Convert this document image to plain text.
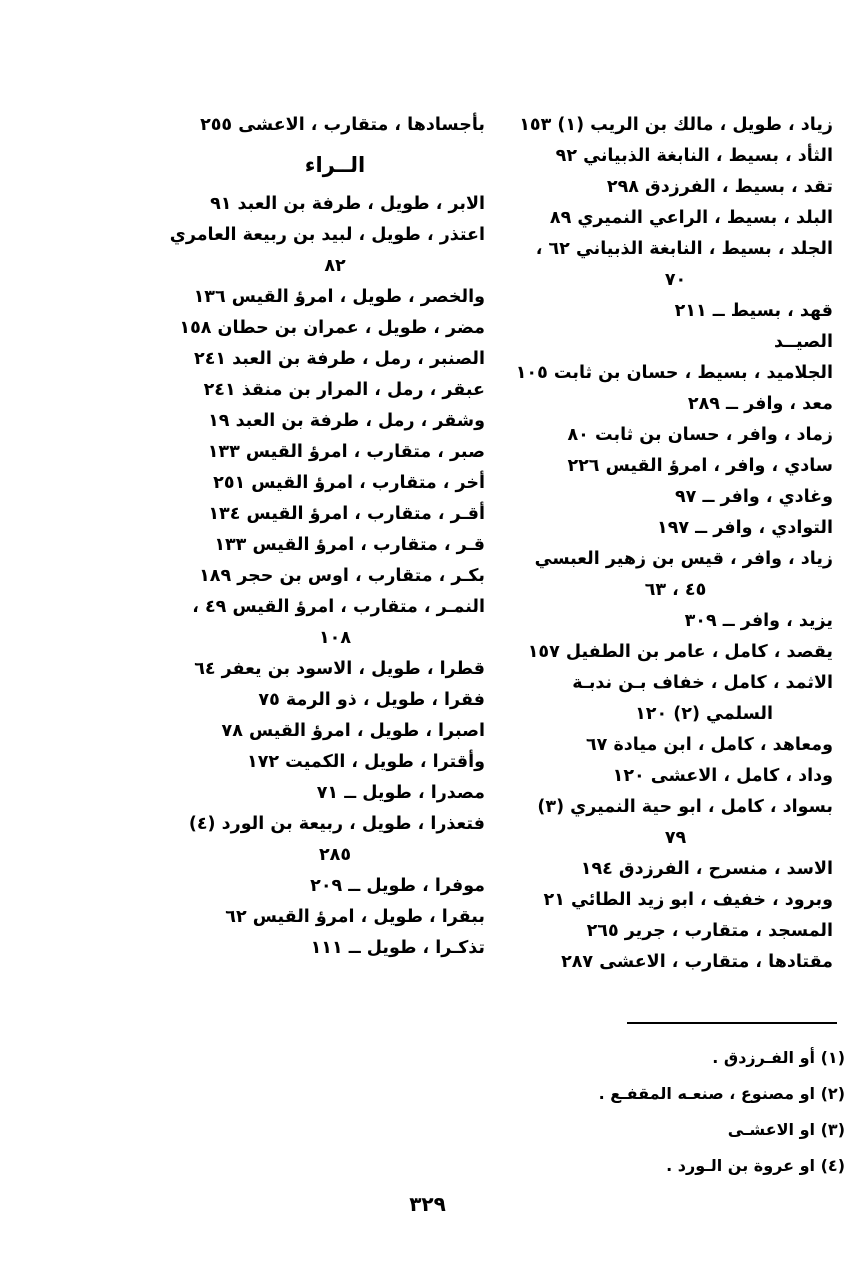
زياد ، طويل ، مالك بن الريب (١) ١٥٣
الثأد ، بسيط ، النابغة الذبياني ٩٢
تقد ، بسيط ، الفرزدق ٢٩٨
البلد ، بسيط ، الراعي النميري ٨٩
الجلد ، بسيط ، النابغة الذبياني ٦٢ ،
٧٠
قهد ، بسيط ــ ٢١١
الصيــد
الجلاميد ، بسيط ، حسان بن ثابت ١٠٥
معد ، وافر ــ ٢٨٩
زماد ، وافر ، حسان بن ثابت ٨٠
سادي ، وافر ، امرؤ القيس ٢٢٦
وغادي ، وافر ــ ٩٧
التوادي ، وافر ــ ١٩٧
زياد ، وافر ، قيس بن زهير العبسي
٤٥ ، ٦٣
يزيد ، وافر ــ ٣٠٩
يقصد ، كامل ، عامر بن الطفيل ١٥٧
الاثمد ، كامل ، خفاف بـن ندبـة
السلمي (٢) ١٢٠
ومعاهد ، كامل ، ابن ميادة ٦٧
وداد ، كامل ، الاعشى ١٢٠
بسواد ، كامل ، ابو حية النميري (٣)
٧٩
الاسد ، منسرح ، الفرزدق ١٩٤
وبرود ، خفيف ، ابو زيد الطائي ٢١
المسجد ، متقارب ، جرير ٢٦٥
مقتادها ، متقارب ، الاعشى ٢٨٧
بأجسادها ، متقارب ، الاعشى ٢٥٥
الــراء
الابر ، طويل ، طرفة بن العبد ٩١
اعتذر ، طويل ، لبيد بن ربيعة العامري
٨٢
والخصر ، طويل ، امرؤ القيس ١٣٦
مضر ، طويل ، عمران بن حطان ١٥٨
الصنبر ، رمل ، طرفة بن العبد ٢٤١
عبقر ، رمل ، المرار بن منقذ ٢٤١
وشقر ، رمل ، طرفة بن العبد ١٩
صبر ، متقارب ، امرؤ القيس ١٣٣
أخر ، متقارب ، امرؤ القيس ٢٥١
أقـر ، متقارب ، امرؤ القيس ١٣٤
قـر ، متقارب ، امرؤ القيس ١٣٣
بكـر ، متقارب ، اوس بن حجر ١٨٩
النمـر ، متقارب ، امرؤ القيس ٤٩ ،
١٠٨
قطرا ، طويل ، الاسود بن يعفر ٦٤
فقرا ، طويل ، ذو الرمة ٧٥
اصبرا ، طويل ، امرؤ القيس ٧٨
وأقترا ، طويل ، الكميت ١٧٢
مصدرا ، طويل ــ ٧١
فتعذرا ، طويل ، ربيعة بن الورد (٤)
٢٨٥
موفرا ، طويل ــ ٢٠٩
ببقرا ، طويل ، امرؤ القيس ٦٢
تذكـرا ، طويل ــ ١١١
(١) أو الفـرزدق .
(٢) او مصنوع ، صنعـه المقفـع .
(٣) او الاعشـى
(٤) او عروة بن الـورد .
٣٢٩
